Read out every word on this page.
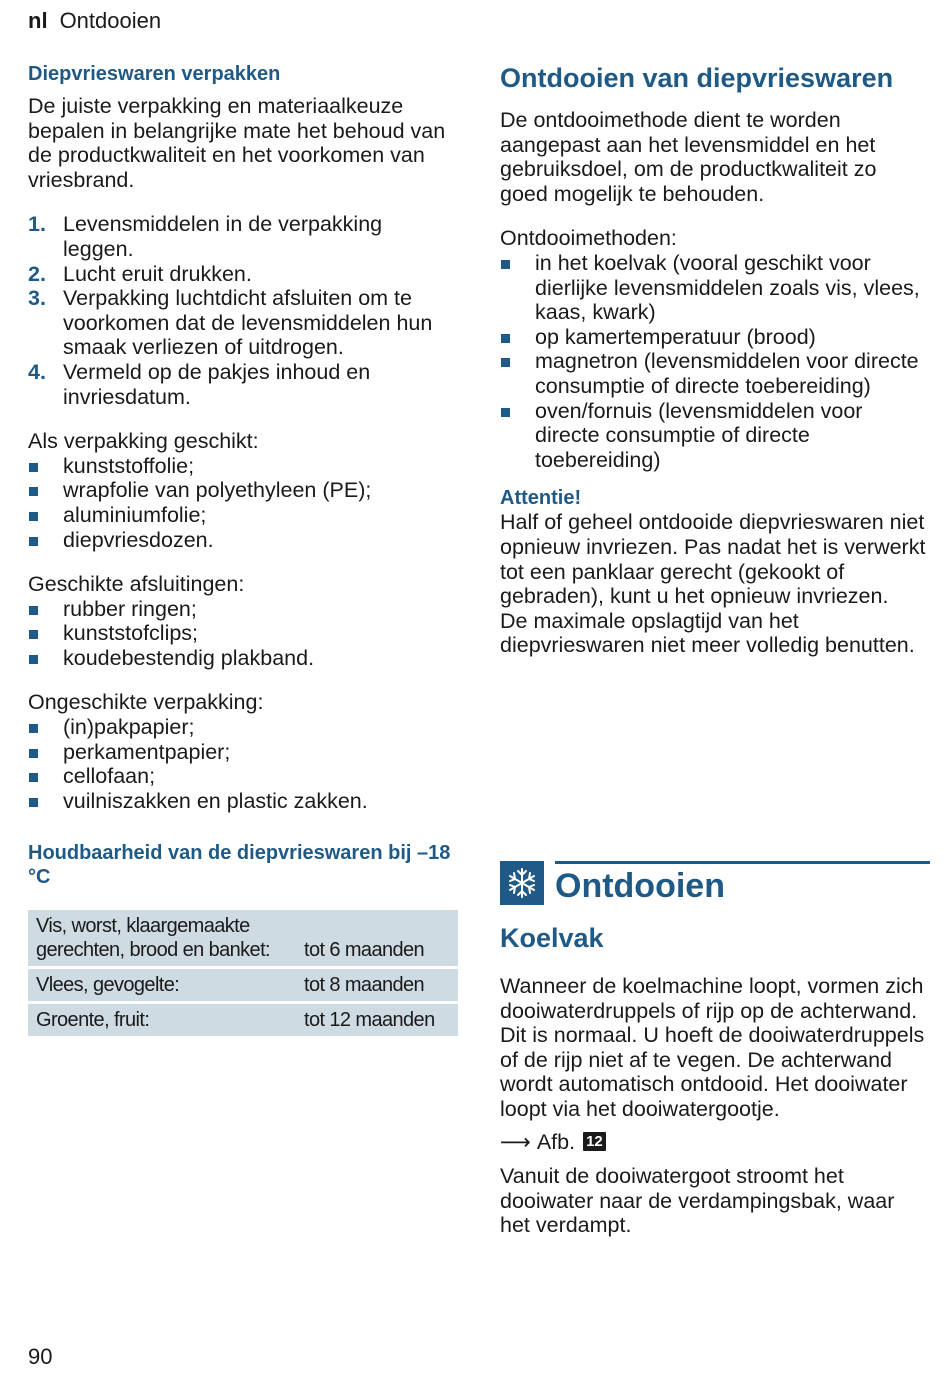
nl Ontdooien
Diepvrieswaren verpakken

De juiste verpakking en materiaalkeuze bepalen in belangrijke mate het behoud van de productkwaliteit en het voorkomen van vriesbrand.

1. Levensmiddelen in de verpakking leggen.
2. Lucht eruit drukken.
3. Verpakking luchtdicht afsluiten om te voorkomen dat de levensmiddelen hun smaak verliezen of uitdrogen.
4. Vermeld op de pakjes inhoud en invriesdatum.

Als verpakking geschikt:

kunststoffolie;
wrapfolie van polyethyleen (PE);
aluminiumfolie;
diepvriesdozen.

Geschikte afsluitingen:

rubber ringen;
kunststofclips;
koudebestendig plakband.

Ongeschikte verpakking:

(in)pakpapier;
perkamentpapier;
cellofaan;
vuilniszakken en plastic zakken.
Houdbaarheid van de diepvrieswaren bij –18 °C
Vis, worst, klaargemaakte gerechten, brood en banket:	tot 6 maanden
Vlees, gevogelte:	tot 8 maanden
Groente, fruit:	tot 12 maanden
Ontdooien van diepvrieswaren

De ontdooimethode dient te worden aangepast aan het levensmiddel en het gebruiksdoel, om de productkwaliteit zo goed mogelijk te behouden.

Ontdooimethoden:

in het koelvak (vooral geschikt voor dierlijke levensmiddelen zoals vis, vlees, kaas, kwark)
op kamertemperatuur (brood)
magnetron (levensmiddelen voor directe consumptie of directe toebereiding)
oven/fornuis (levensmiddelen voor directe consumptie of directe toebereiding)
Attentie!

Half of geheel ontdooide diepvrieswaren niet opnieuw invriezen. Pas nadat het is verwerkt tot een panklaar gerecht (gekookt of gebraden), kunt u het opnieuw invriezen.

De maximale opslagtijd van het diepvrieswaren niet meer volledig benutten.

Ontdooien
Koelvak

Wanneer de koelmachine loopt, vormen zich dooiwaterdruppels of rijp op de achterwand. Dit is normaal. U hoeft de dooiwaterdruppels of de rijp niet af te vegen. De achterwand wordt automatisch ontdooid. Het dooiwater loopt via het dooiwatergootje.

⟶ Afb. 12

Vanuit de dooiwatergoot stroomt het dooiwater naar de verdampingsbak, waar het verdampt.

90
